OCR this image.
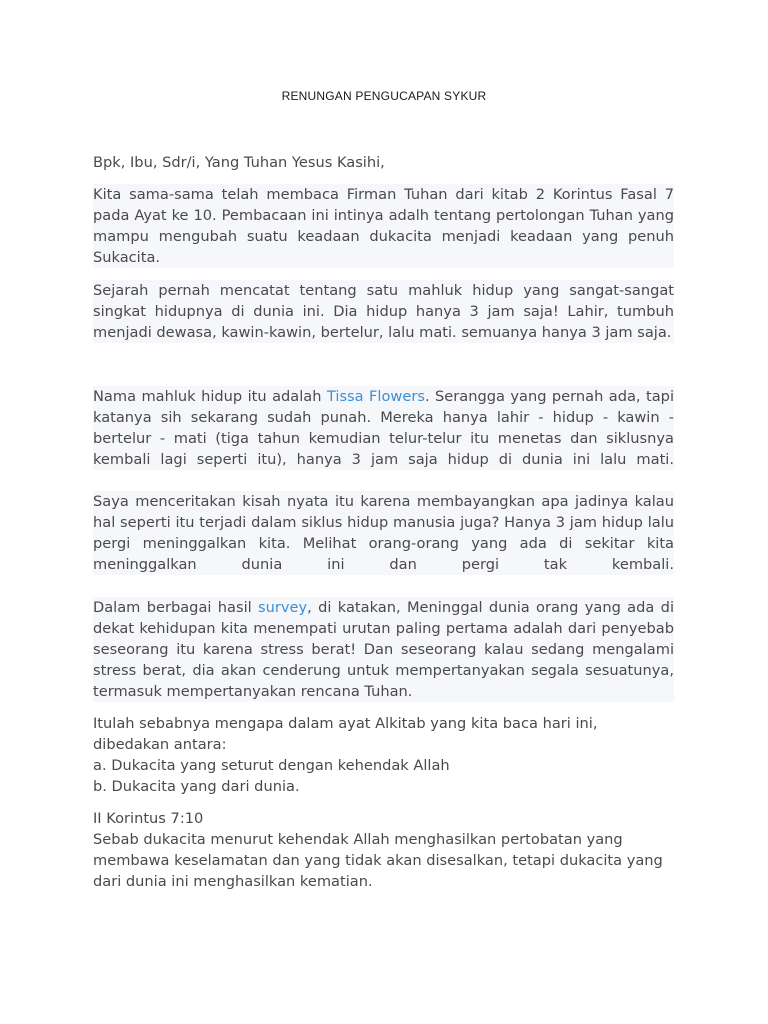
RENUNGAN PENGUCAPAN SYKUR
Bpk, Ibu, Sdr/i, Yang Tuhan Yesus Kasihi,
Kita sama-sama telah membaca Firman Tuhan dari kitab 2 Korintus Fasal 7 pada Ayat ke 10. Pembacaan ini intinya adalh tentang pertolongan Tuhan yang mampu mengubah suatu keadaan dukacita menjadi keadaan yang penuh Sukacita.
Sejarah pernah mencatat tentang satu mahluk hidup yang sangat-sangat singkat hidupnya di dunia ini. Dia hidup hanya 3 jam saja! Lahir, tumbuh menjadi dewasa, kawin-kawin, bertelur, lalu mati. semuanya hanya 3 jam saja.
Nama mahluk hidup itu adalah Tissa Flowers. Serangga yang pernah ada, tapi katanya sih sekarang sudah punah. Mereka hanya lahir - hidup - kawin - bertelur - mati (tiga tahun kemudian telur-telur itu menetas dan siklusnya kembali lagi seperti itu), hanya 3 jam saja hidup di dunia ini lalu mati.
Saya menceritakan kisah nyata itu karena membayangkan apa jadinya kalau hal seperti itu terjadi dalam siklus hidup manusia juga? Hanya 3 jam hidup lalu pergi meninggalkan kita. Melihat orang-orang yang ada di sekitar kita meninggalkan dunia ini dan pergi tak kembali.
Dalam berbagai hasil survey, di katakan, Meninggal dunia orang yang ada di dekat kehidupan kita menempati urutan paling pertama adalah dari penyebab seseorang itu karena stress berat! Dan seseorang kalau sedang mengalami stress berat, dia akan cenderung untuk mempertanyakan segala sesuatunya, termasuk mempertanyakan rencana Tuhan.
Itulah sebabnya mengapa dalam ayat Alkitab yang kita baca hari ini,
dibedakan antara:
a. Dukacita yang seturut dengan kehendak Allah
b. Dukacita yang dari dunia.
II Korintus 7:10
Sebab dukacita menurut kehendak Allah menghasilkan pertobatan yang
membawa keselamatan dan yang tidak akan disesalkan, tetapi dukacita yang
dari dunia ini menghasilkan kematian.
